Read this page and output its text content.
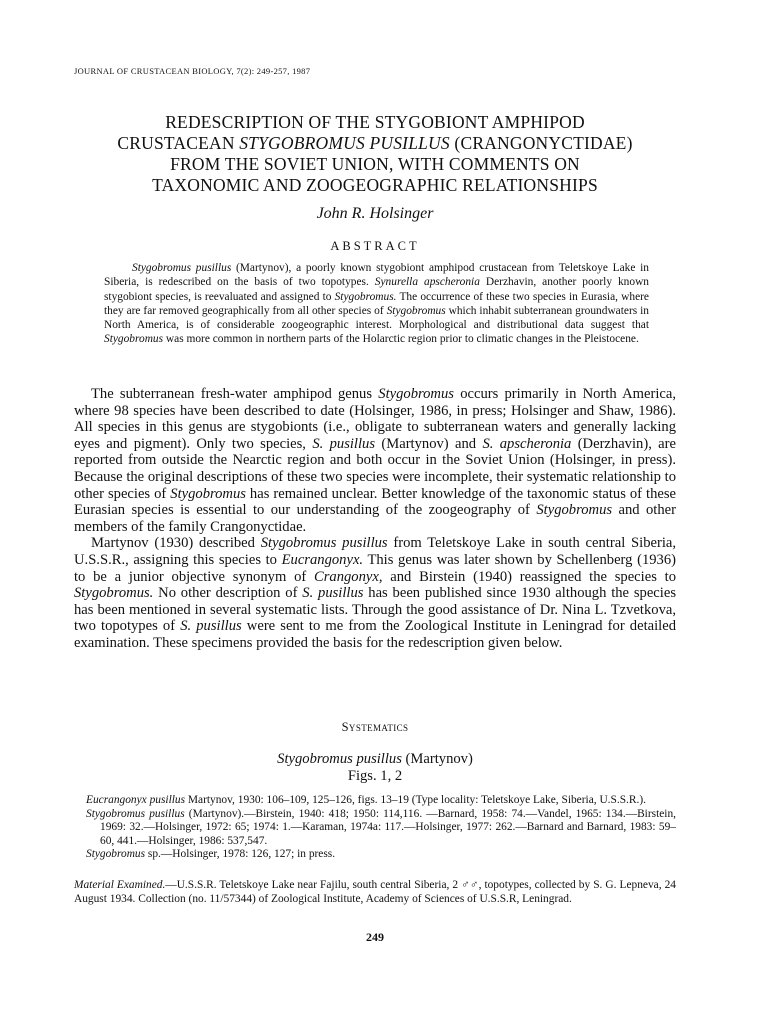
JOURNAL OF CRUSTACEAN BIOLOGY, 7(2): 249-257, 1987
REDESCRIPTION OF THE STYGOBIONT AMPHIPOD
CRUSTACEAN STYGOBROMUS PUSILLUS (CRANGONYCTIDAE)
FROM THE SOVIET UNION, WITH COMMENTS ON
TAXONOMIC AND ZOOGEOGRAPHIC RELATIONSHIPS
John R. Holsinger
ABSTRACT

Stygobromus pusillus (Martynov), a poorly known stygobiont amphipod crustacean from Teletskoye Lake in Siberia, is redescribed on the basis of two topotypes. Synurella apscheronia Derzhavin, another poorly known stygobiont species, is reevaluated and assigned to Stygobromus. The occurrence of these two species in Eurasia, where they are far removed geographically from all other species of Stygobromus which inhabit subterranean groundwaters in North America, is of considerable zoogeographic interest. Morphological and distributional data suggest that Stygobromus was more common in northern parts of the Holarctic region prior to climatic changes in the Pleistocene.

The subterranean fresh-water amphipod genus Stygobromus occurs primarily in North America, where 98 species have been described to date (Holsinger, 1986, in press; Holsinger and Shaw, 1986). All species in this genus are stygobionts (i.e., obligate to subterranean waters and generally lacking eyes and pigment). Only two species, S. pusillus (Martynov) and S. apscheronia (Derzhavin), are reported from outside the Nearctic region and both occur in the Soviet Union (Holsinger, in press). Because the original descriptions of these two species were incomplete, their systematic relationship to other species of Stygobromus has remained unclear. Better knowledge of the taxonomic status of these Eurasian species is essential to our understanding of the zoogeography of Stygobromus and other members of the family Crangonyctidae.

Martynov (1930) described Stygobromus pusillus from Teletskoye Lake in south central Siberia, U.S.S.R., assigning this species to Eucrangonyx. This genus was later shown by Schellenberg (1936) to be a junior objective synonym of Crangonyx, and Birstein (1940) reassigned the species to Stygobromus. No other description of S. pusillus has been published since 1930 although the species has been mentioned in several systematic lists. Through the good assistance of Dr. Nina L. Tzvetkova, two topotypes of S. pusillus were sent to me from the Zoological Institute in Leningrad for detailed examination. These specimens provided the basis for the redescription given below.

Systematics
Stygobromus pusillus (Martynov)
Figs. 1, 2

Eucrangonyx pusillus Martynov, 1930: 106–109, 125–126, figs. 13–19 (Type locality: Teletskoye Lake, Siberia, U.S.S.R.).

Stygobromus pusillus (Martynov).—Birstein, 1940: 418; 1950: 114,116. —Barnard, 1958: 74.—Vandel, 1965: 134.—Birstein, 1969: 32.—Holsinger, 1972: 65; 1974: 1.—Karaman, 1974a: 117.—Holsinger, 1977: 262.—Barnard and Barnard, 1983: 59–60, 441.—Holsinger, 1986: 537,547.

Stygobromus sp.—Holsinger, 1978: 126, 127; in press.

Material Examined.—U.S.S.R. Teletskoye Lake near Fajilu, south central Siberia, 2 ♂♂, topotypes, collected by S. G. Lepneva, 24 August 1934. Collection (no. 11/57344) of Zoological Institute, Academy of Sciences of U.S.S.R, Leningrad.

249
